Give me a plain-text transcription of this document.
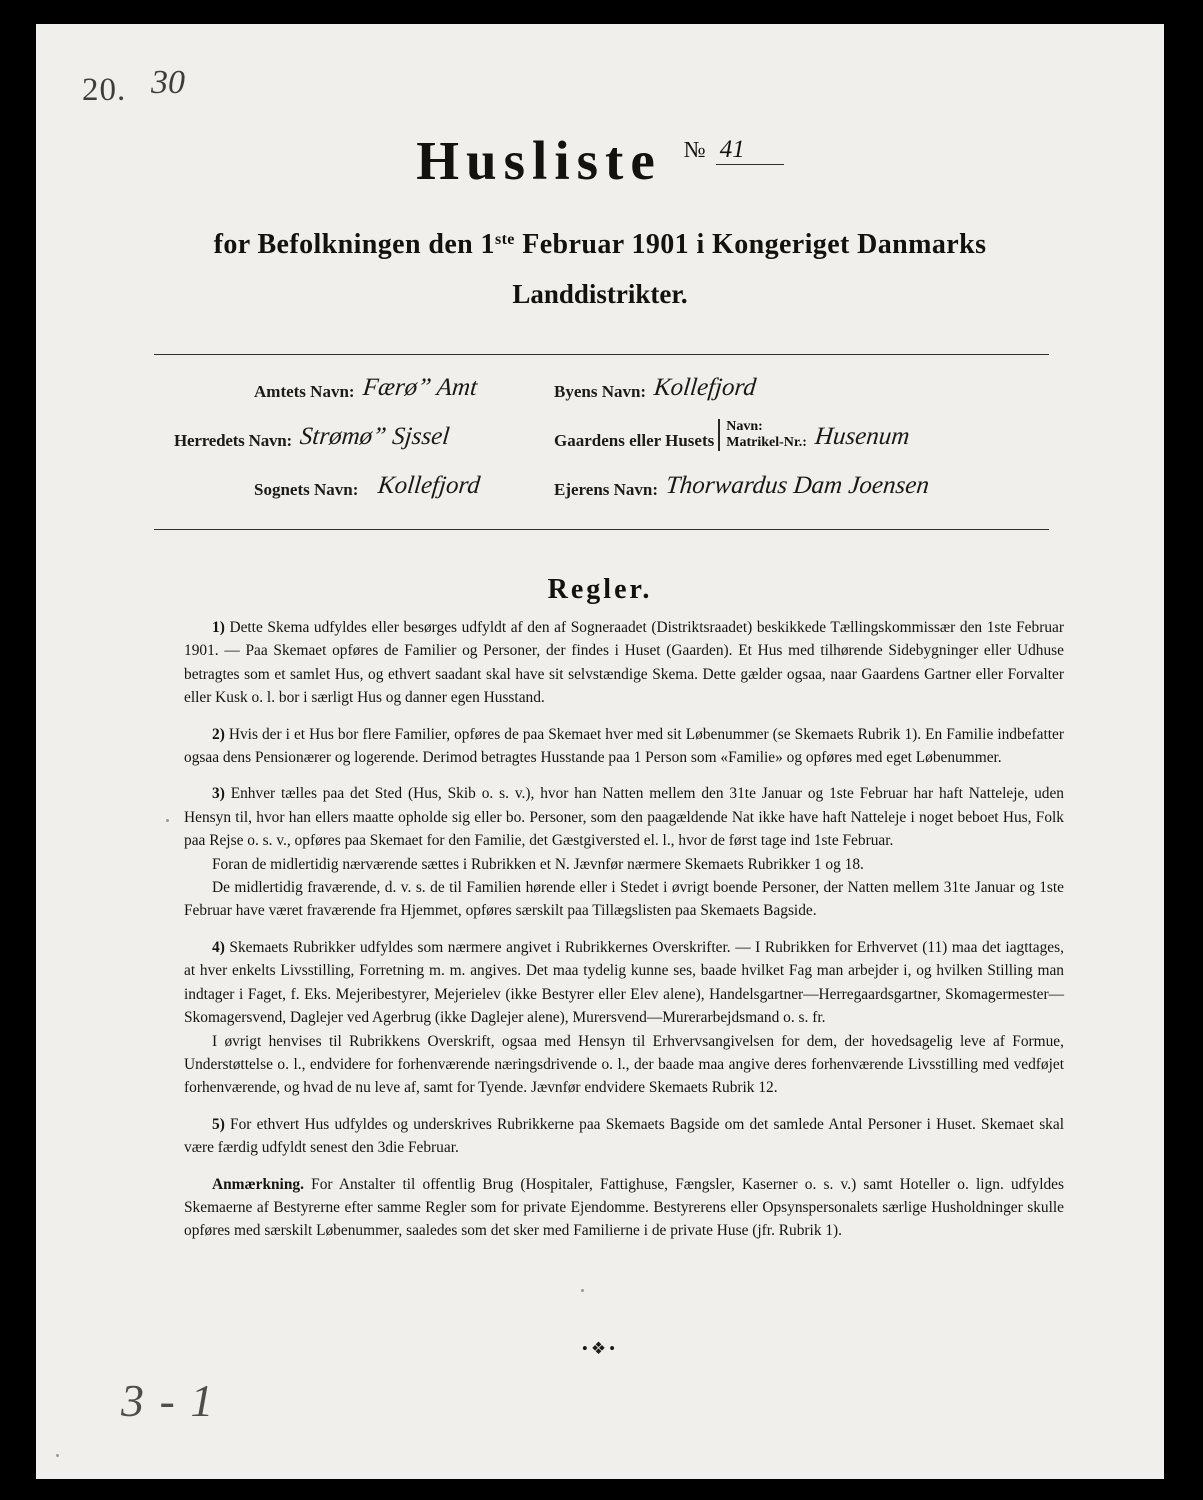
20. 30
3 - 1
Husliste № 41
for Befolkningen den 1ste Februar 1901 i Kongeriget Danmarks
Landdistrikter.
Amtets Navn: Færø” Amt	Byens Navn: Kollefjord
Herredets Navn: Strømø” Sjssel	Gaardens eller Husets
Navn:
Matrikel-Nr.: Husenum
Sognets Navn: Kollefjord	Ejerens Navn: Thorwardus Dam Joensen
Regler.

1) Dette Skema udfyldes eller besørges udfyldt af den af Sogneraadet (Distriktsraadet) beskikkede Tællingskommissær den 1ste Februar 1901. — Paa Skemaet opføres de Familier og Personer, der findes i Huset (Gaarden). Et Hus med tilhørende Sidebygninger eller Udhuse betragtes som et samlet Hus, og ethvert saadant skal have sit selvstændige Skema. Dette gælder ogsaa, naar Gaardens Gartner eller Forvalter eller Kusk o. l. bor i særligt Hus og danner egen Husstand.

2) Hvis der i et Hus bor flere Familier, opføres de paa Skemaet hver med sit Løbenummer (se Skemaets Rubrik 1). En Familie indbefatter ogsaa dens Pensionærer og logerende. Derimod betragtes Husstande paa 1 Person som «Familie» og opføres med eget Løbenummer.

3) Enhver tælles paa det Sted (Hus, Skib o. s. v.), hvor han Natten mellem den 31te Januar og 1ste Februar har haft Natteleje, uden Hensyn til, hvor han ellers maatte opholde sig eller bo. Personer, som den paagældende Nat ikke have haft Natteleje i noget beboet Hus, Folk paa Rejse o. s. v., opføres paa Skemaet for den Familie, det Gæstgiversted el. l., hvor de først tage ind 1ste Februar.

Foran de midlertidig nærværende sættes i Rubrikken et N. Jævnfør nærmere Skemaets Rubrikker 1 og 18.

De midlertidig fraværende, d. v. s. de til Familien hørende eller i Stedet i øvrigt boende Personer, der Natten mellem 31te Januar og 1ste Februar have været fraværende fra Hjemmet, opføres særskilt paa Tillægslisten paa Skemaets Bagside.

4) Skemaets Rubrikker udfyldes som nærmere angivet i Rubrikkernes Overskrifter. — I Rubrikken for Erhvervet (11) maa det iagttages, at hver enkelts Livsstilling, Forretning m. m. angives. Det maa tydelig kunne ses, baade hvilket Fag man arbejder i, og hvilken Stilling man indtager i Faget, f. Eks. Mejeribestyrer, Mejerielev (ikke Bestyrer eller Elev alene), Handelsgartner—Herregaardsgartner, Skomagermester—Skomagersvend, Daglejer ved Agerbrug (ikke Daglejer alene), Murersvend—Murerarbejdsmand o. s. fr.

I øvrigt henvises til Rubrikkens Overskrift, ogsaa med Hensyn til Erhvervsangivelsen for dem, der hovedsagelig leve af Formue, Understøttelse o. l., endvidere for forhenværende næringsdrivende o. l., der baade maa angive deres forhenværende Livsstilling med vedføjet forhenværende, og hvad de nu leve af, samt for Tyende. Jævnfør endvidere Skemaets Rubrik 12.

5) For ethvert Hus udfyldes og underskrives Rubrikkerne paa Skemaets Bagside om det samlede Antal Personer i Huset. Skemaet skal være færdig udfyldt senest den 3die Februar.

Anmærkning. For Anstalter til offentlig Brug (Hospitaler, Fattighuse, Fængsler, Kaserner o. s. v.) samt Hoteller o. lign. udfyldes Skemaerne af Bestyrerne efter samme Regler som for private Ejendomme. Bestyrerens eller Opsynspersonalets særlige Husholdninger skulle opføres med særskilt Løbenummer, saaledes som det sker med Familierne i de private Huse (jfr. Rubrik 1).

•❖•
